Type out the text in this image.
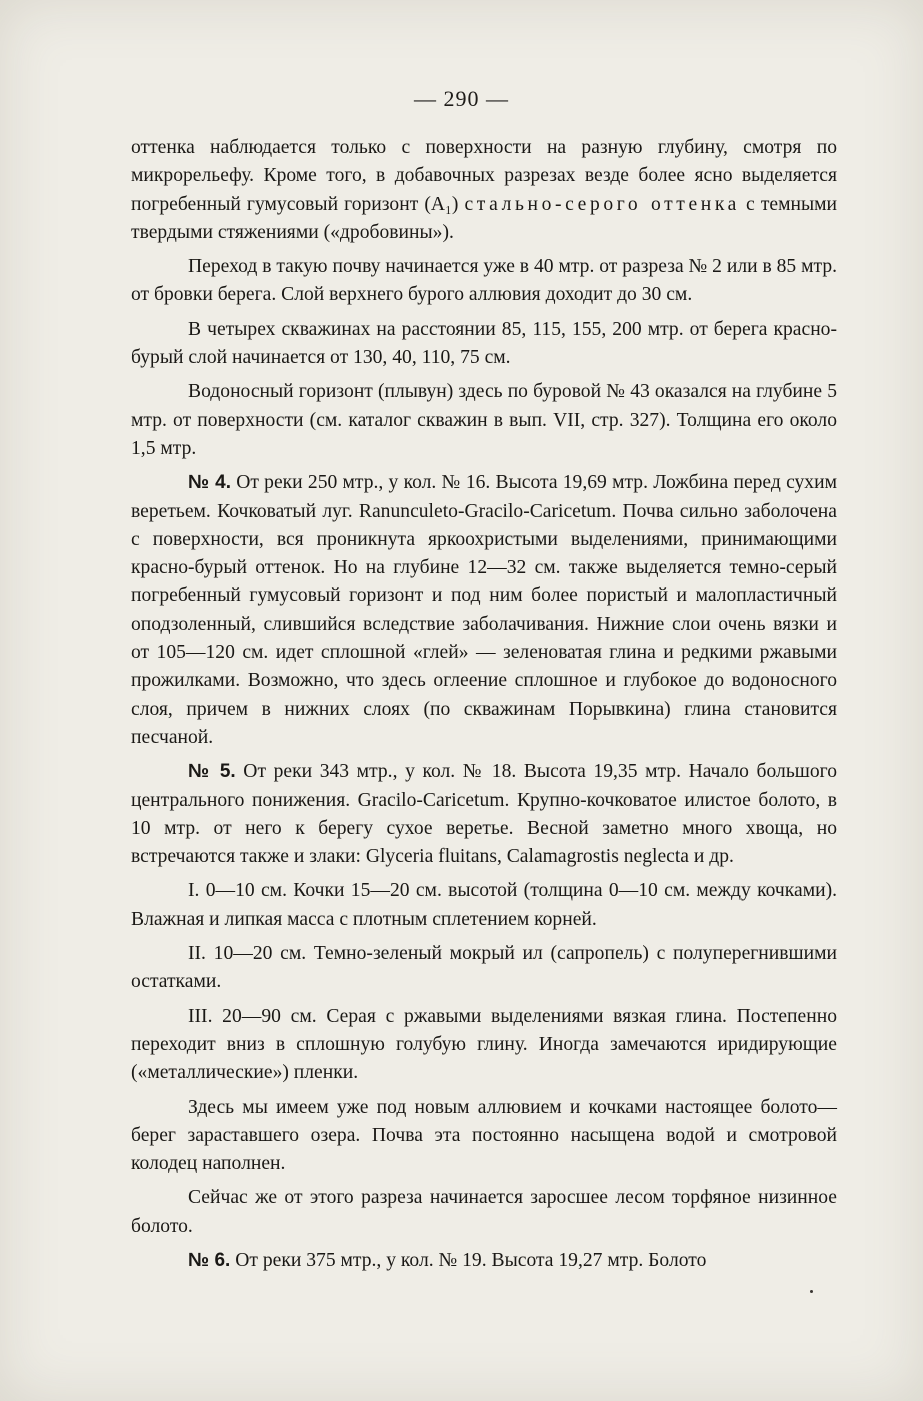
— 290 —

оттенка наблюдается только с поверхности на разную глубину, смотря по микрорельефу. Кроме того, в добавочных разрезах везде более ясно выделяется погребенный гумусовый горизонт (A₁) стально-серого оттенка с темными твердыми стяжениями («дробовины»).

Переход в такую почву начинается уже в 40 мтр. от разреза № 2 или в 85 мтр. от бровки берега. Слой верхнего бурого аллювия доходит до 30 см.

В четырех скважинах на расстоянии 85, 115, 155, 200 мтр. от берега красно-бурый слой начинается от 130, 40, 110, 75 см.

Водоносный горизонт (плывун) здесь по буровой № 43 оказался на глубине 5 мтр. от поверхности (см. каталог скважин в вып. VII, стр. 327). Толщина его около 1,5 мтр.

№ 4. От реки 250 мтр., у кол. № 16. Высота 19,69 мтр. Ложбина перед сухим веретьем. Кочковатый луг. Ranunculeto-Gracilo-Caricetum. Почва сильно заболочена с поверхности, вся проникнута яркоохристыми выделениями, принимающими красно-бурый оттенок. Но на глубине 12—32 см. также выделяется темно-серый погребенный гумусовый горизонт и под ним более пористый и малопластичный оподзоленный, слившийся вследствие заболачивания. Нижние слои очень вязки и от 105—120 см. идет сплошной «глей» — зеленоватая глина и редкими ржавыми прожилками. Возможно, что здесь оглеение сплошное и глубокое до водоносного слоя, причем в нижних слоях (по скважинам Порывкина) глина становится песчаной.

№ 5. От реки 343 мтр., у кол. № 18. Высота 19,35 мтр. Начало большого центрального понижения. Gracilo-Caricetum. Крупно-кочковатое илистое болото, в 10 мтр. от него к берегу сухое веретье. Весной заметно много хвоща, но встречаются также и злаки: Glyceria fluitans, Calamagrostis neglecta и др.

I. 0—10 см. Кочки 15—20 см. высотой (толщина 0—10 см. между кочками). Влажная и липкая масса с плотным сплетением корней.

II. 10—20 см. Темно-зеленый мокрый ил (сапропель) с полуперегнившими остатками.

III. 20—90 см. Серая с ржавыми выделениями вязкая глина. Постепенно переходит вниз в сплошную голубую глину. Иногда замечаются иридирующие («металлические») пленки.

Здесь мы имеем уже под новым аллювием и кочками настоящее болото—берег зараставшего озера. Почва эта постоянно насыщена водой и смотровой колодец наполнен.

Сейчас же от этого разреза начинается заросшее лесом торфяное низинное болото.

№ 6. От реки 375 мтр., у кол. № 19. Высота 19,27 мтр. Болото
